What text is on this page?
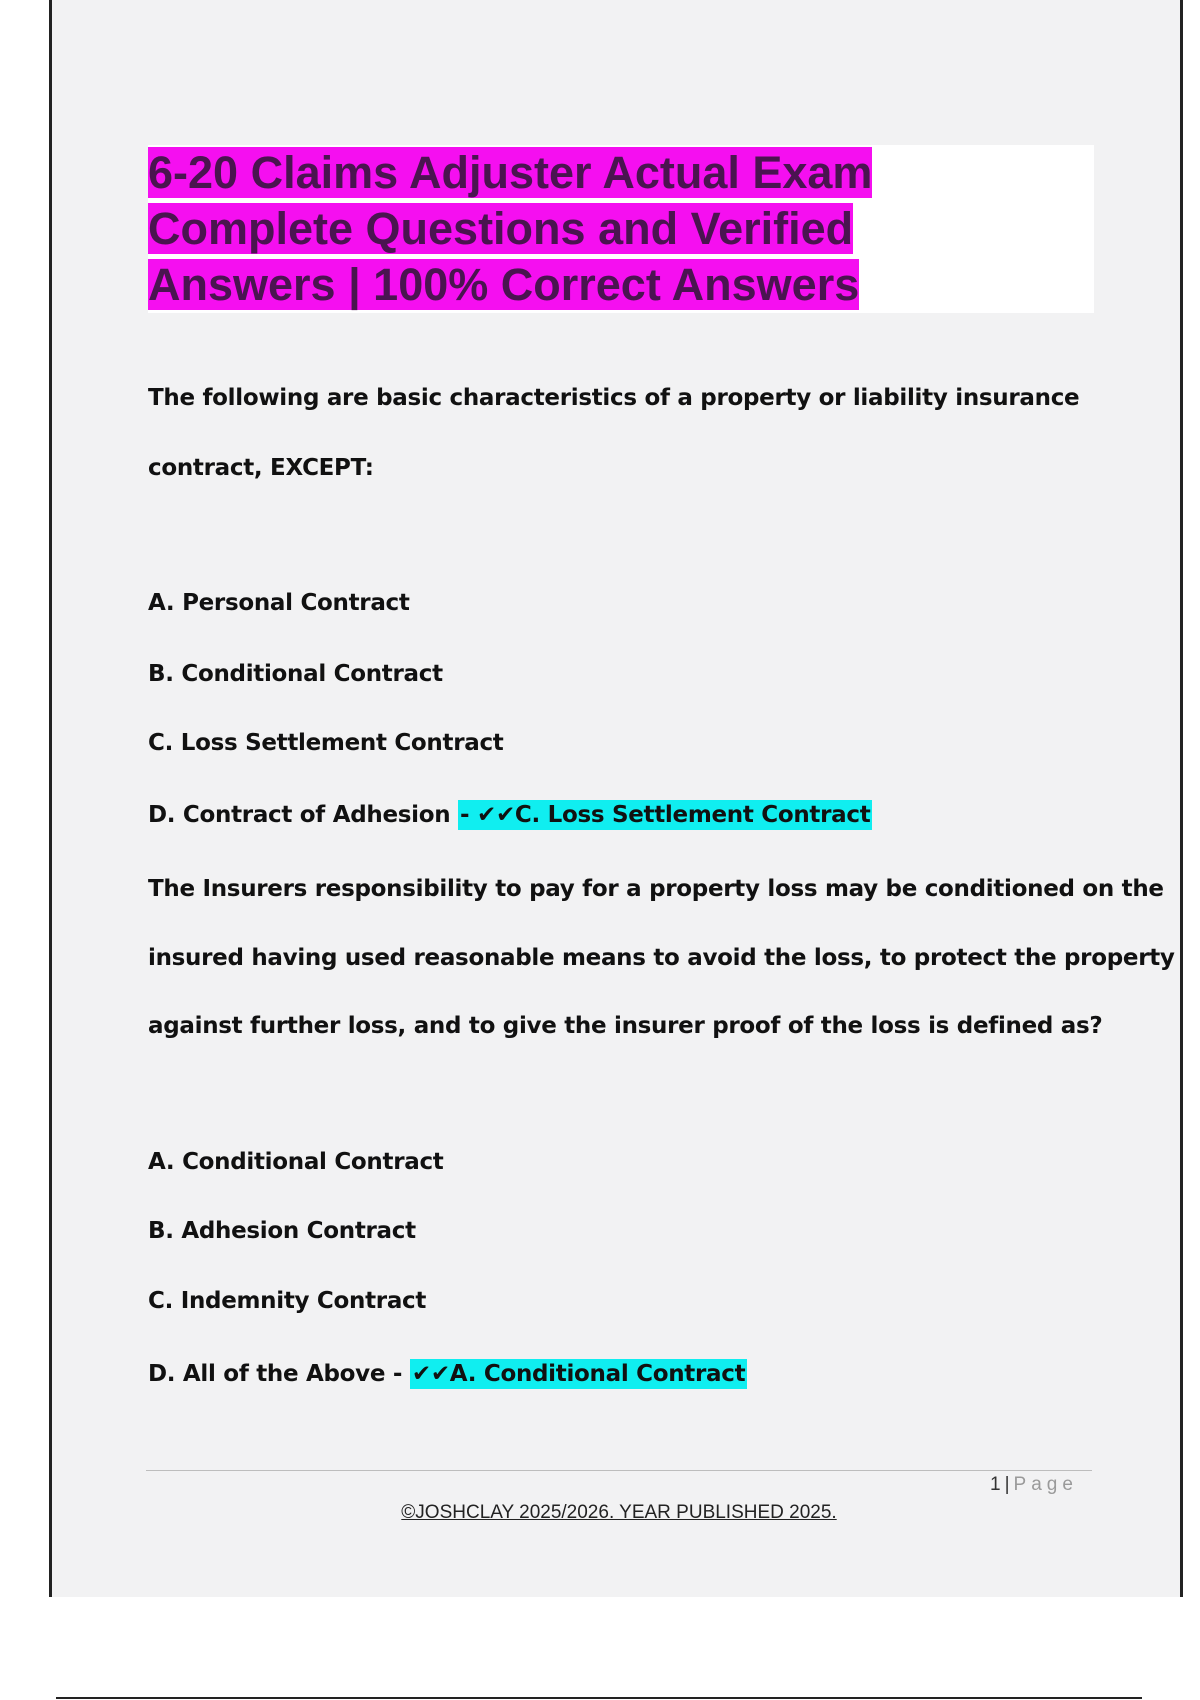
6-20 Claims Adjuster Actual Exam
Complete Questions and Verified
Answers | 100% Correct Answers
The following are basic characteristics of a property or liability insurance
contract, EXCEPT:
A. Personal Contract
B. Conditional Contract
C. Loss Settlement Contract
D. Contract of Adhesion - ✔✔C. Loss Settlement Contract
The Insurers responsibility to pay for a property loss may be conditioned on the
insured having used reasonable means to avoid the loss, to protect the property
against further loss, and to give the insurer proof of the loss is defined as?
A. Conditional Contract
B. Adhesion Contract
C. Indemnity Contract
D. All of the Above - ✔✔A. Conditional Contract
1 | Page
©JOSHCLAY 2025/2026. YEAR PUBLISHED 2025.
